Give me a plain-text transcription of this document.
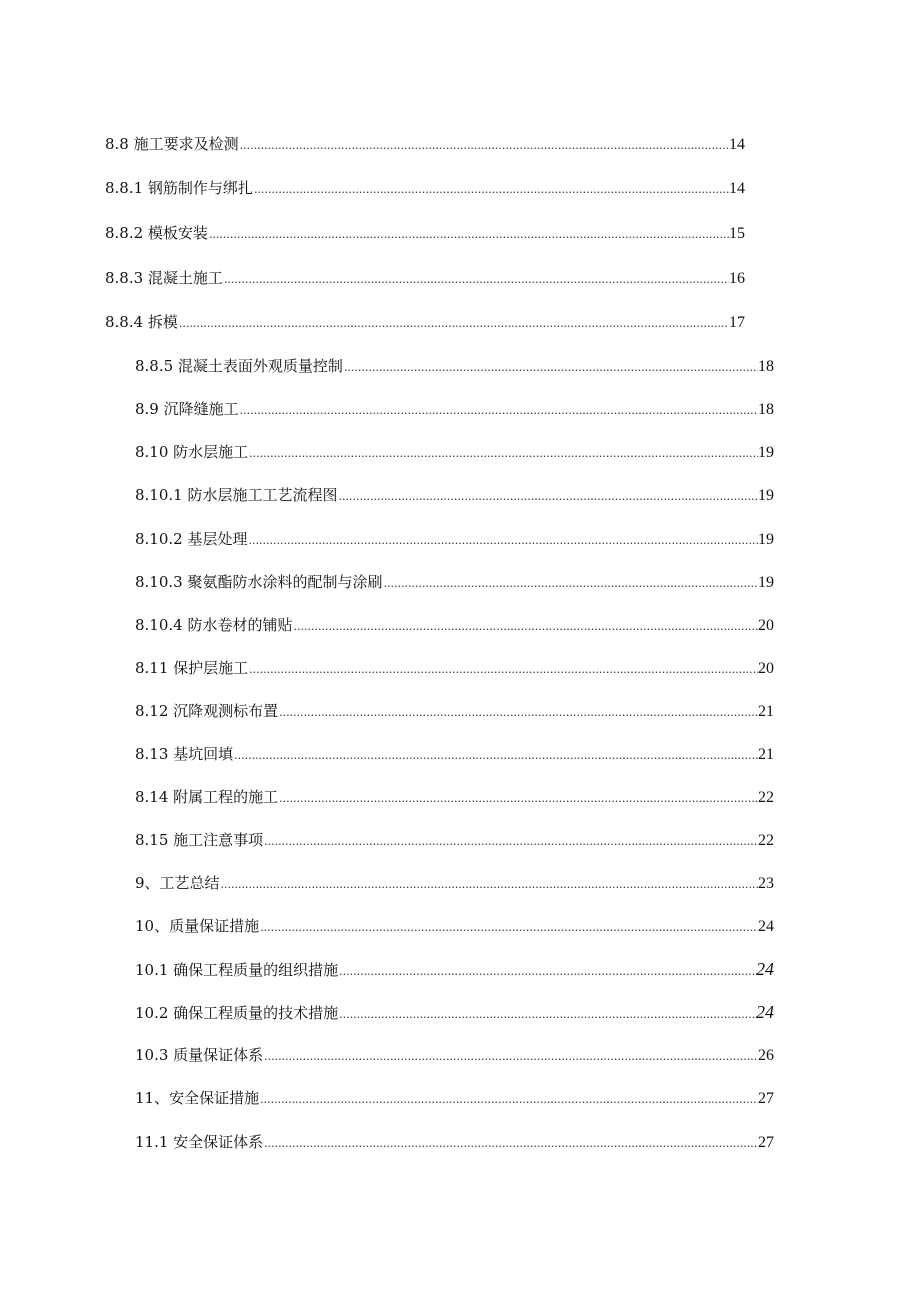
8.8 施工要求及检测 .....	14
8.8.1 钢筋制作与绑扎 .....	14
8.8.2 模板安装 .....	15
8.8.3 混凝土施工 .....	16
8.8.4 拆模 .....	17
8.8.5 混凝土表面外观质量控制 .....	18
8.9 沉降缝施工 .....	18
8.10 防水层施工 .....	19
8.10.1 防水层施工工艺流程图 .....	19
8.10.2 基层处理 .....	19
8.10.3 聚氨酯防水涂料的配制与涂刷 .....	19
8.10.4 防水卷材的铺贴 .....	20
8.11 保护层施工 .....	20
8.12 沉降观测标布置 .....	21
8.13 基坑回填 .....	21
8.14 附属工程的施工 .....	22
8.15 施工注意事项 .....	22
9、工艺总结 .....	23
10、质量保证措施 .....	24
10.1 确保工程质量的组织措施 .....	24
10.2 确保工程质量的技术措施 .....	24
10.3 质量保证体系 .....	26
11、安全保证措施 .....	27
11.1 安全保证体系 .....	27
